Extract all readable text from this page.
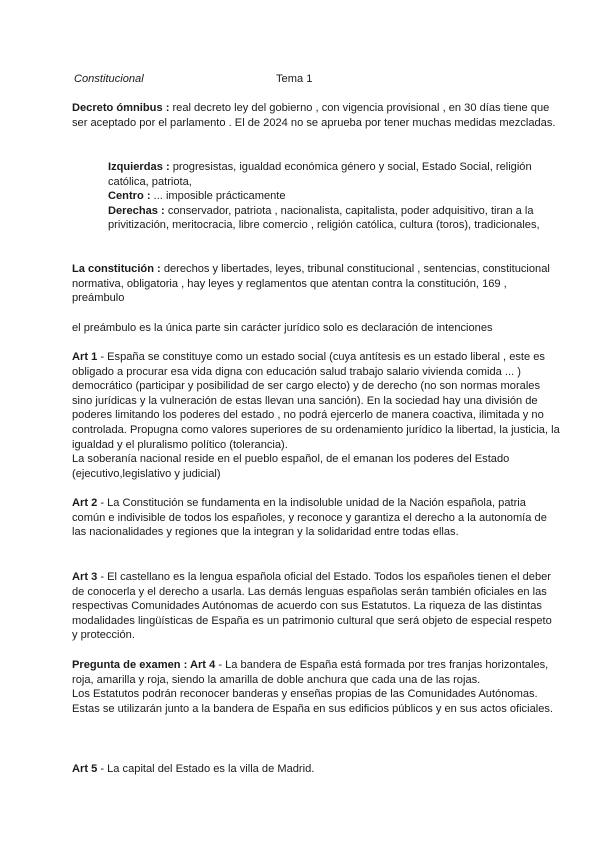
Constitucional	Tema 1

Decreto ómnibus : real decreto ley del gobierno , con vigencia provisional , en 30 días tiene que ser aceptado por el parlamento . El de 2024 no se aprueba por tener muchas medidas mezcladas.

Izquierdas : progresistas, igualdad económica género y social, Estado Social, religión católica, patriota,

Centro : ... imposible prácticamente

Derechas : conservador, patriota , nacionalista, capitalista, poder adquisitivo, tiran a la privitización, meritocracia, libre comercio , religión católica, cultura (toros), tradicionales,

La constitución : derechos y libertades, leyes, tribunal constitucional , sentencias, constitucional normativa, obligatoria , hay leyes y reglamentos que atentan contra la constitución, 169 , preámbulo

el preámbulo es la única parte sin carácter jurídico solo es declaración de intenciones

Art 1 - España se constituye como un estado social (cuya antítesis es un estado liberal , este es obligado a procurar esa vida digna con educación salud trabajo salario vivienda comida ... ) democrático (participar y posibilidad de ser cargo electo) y de derecho (no son normas morales sino jurídicas y la vulneración de estas llevan una sanción). En la sociedad hay una división de poderes limitando los poderes del estado , no podrá ejercerlo de manera coactiva, ilimitada y no controlada. Propugna como valores superiores de su ordenamiento jurídico la libertad, la justicia, la igualdad y el pluralismo político (tolerancia).

La soberanía nacional reside en el pueblo español, de el emanan los poderes del Estado (ejecutivo,legislativo y judicial)

Art 2 - La Constitución se fundamenta en la indisoluble unidad de la Nación española, patria común e indivisible de todos los españoles, y reconoce y garantiza el derecho a la autonomía de las nacionalidades y regiones que la integran y la solidaridad entre todas ellas.

Art 3 - El castellano es la lengua española oficial del Estado. Todos los españoles tienen el deber de conocerla y el derecho a usarla. Las demás lenguas españolas serán también oficiales en las respectivas Comunidades Autónomas de acuerdo con sus Estatutos. La riqueza de las distintas modalidades lingüísticas de España es un patrimonio cultural que será objeto de especial respeto y protección.

Pregunta de examen : Art 4 - La bandera de España está formada por tres franjas horizontales, roja, amarilla y roja, siendo la amarilla de doble anchura que cada una de las rojas.

Los Estatutos podrán reconocer banderas y enseñas propias de las Comunidades Autónomas. Estas se utilizarán junto a la bandera de España en sus edificios públicos y en sus actos oficiales.

Art 5 - La capital del Estado es la villa de Madrid.
